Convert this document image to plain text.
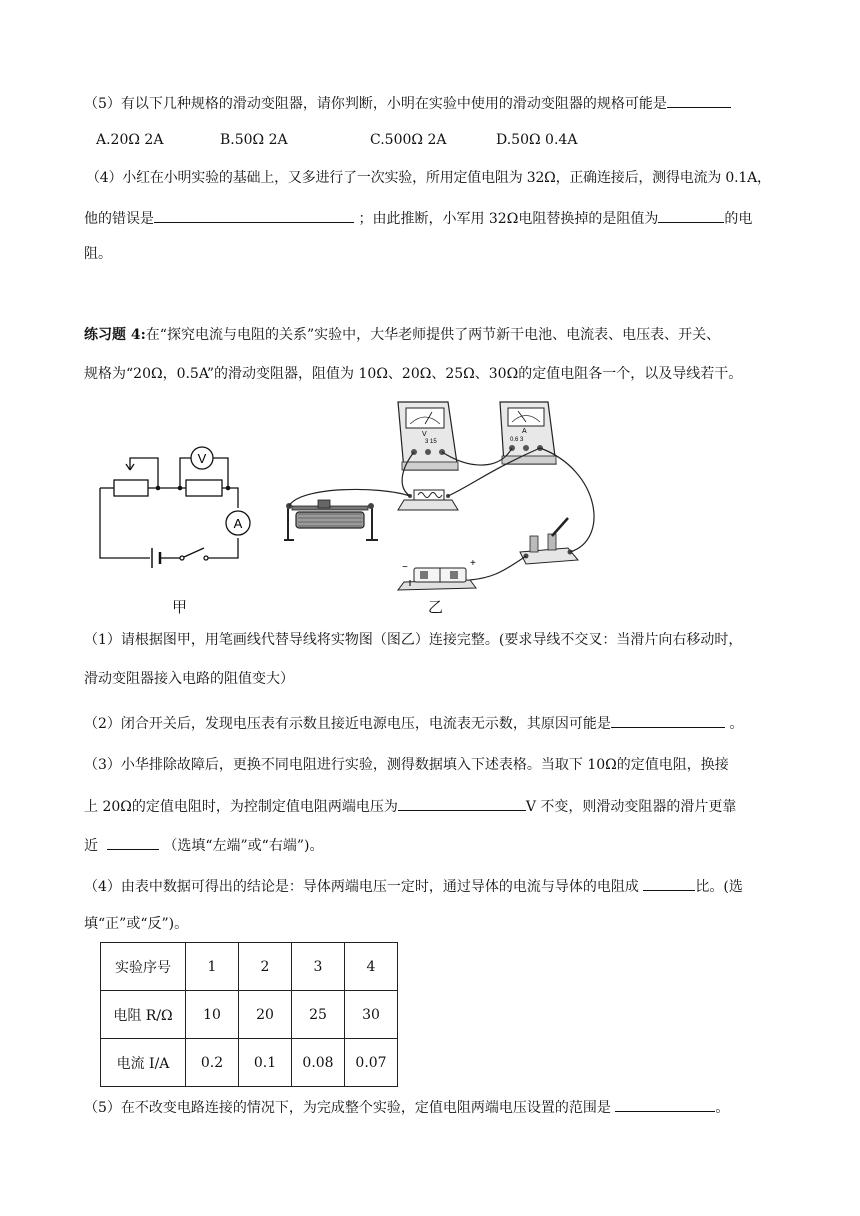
（5）有以下几种规格的滑动变阻器，请你判断，小明在实验中使用的滑动变阻器的规格可能是
A.20Ω 2A	B.50Ω 2A	C.500Ω 2A	D.50Ω 0.4A
（4）小红在小明实验的基础上，又多进行了一次实验，所用定值电阻为 32Ω，正确连接后，测得电流为 0.1A，
他的错误是	；由此推断，小军用 32Ω电阻替换掉的是阻值为	的电
阻。
练习题 4:在“探究电流与电阻的关系”实验中，大华老师提供了两节新干电池、电流表、电压表、开关、
规格为“20Ω，0.5A”的滑动变阻器，阻值为 10Ω、20Ω、25Ω、30Ω的定值电阻各一个，以及导线若干。
V
A
V
3 15
A
0.6 3
−	+
甲	乙
（1）请根据图甲，用笔画线代替导线将实物图（图乙）连接完整。(要求导线不交叉：当滑片向右移动时，
滑动变阻器接入电路的阻值变大）
（2）闭合开关后，发现电压表有示数且接近电源电压，电流表无示数，其原因可能是	。
（3）小华排除故障后，更换不同电阻进行实验，测得数据填入下述表格。当取下 10Ω的定值电阻，换接
上 20Ω的定值电阻时，为控制定值电阻两端电压为	V 不变，则滑动变阻器的滑片更靠
近	（选填“左端”或“右端”)。
（4）由表中数据可得出的结论是：导体两端电压一定时，通过导体的电流与导体的电阻成	比。(选
填“正”或“反”)。
实验序号	1	2	3	4
电阻 R/Ω	10	20	25	30
电流 I/A	0.2	0.1	0.08	0.07
（5）在不改变电路连接的情况下，为完成整个实验，定值电阻两端电压设置的范围是	。
